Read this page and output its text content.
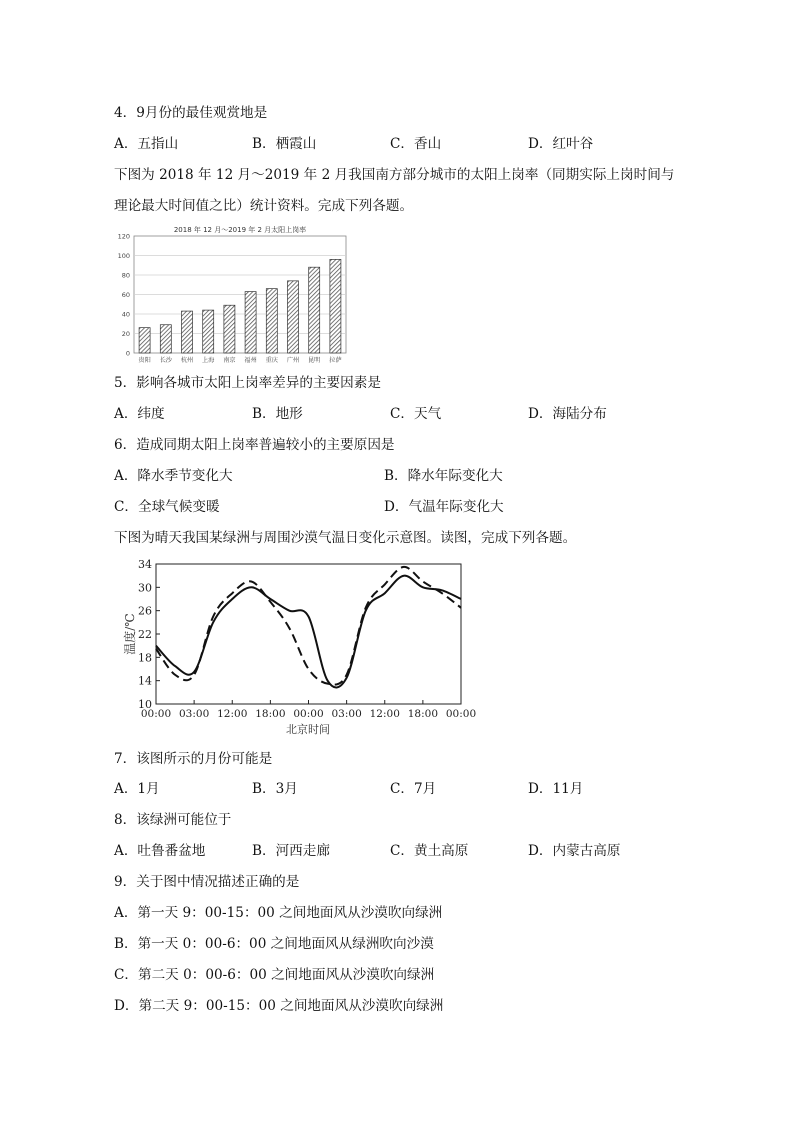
4．9月份的最佳观赏地是
A．五指山	B．栖霞山	C．香山	D．红叶谷
下图为 2018 年 12 月～2019 年 2 月我国南方部分城市的太阳上岗率（同期实际上岗时间与
理论最大时间值之比）统计资料。完成下列各题。
2018 年 12 月～2019 年 2 月太阳上岗率
0
20
40
60
80
100
120
贵阳 长沙 杭州 上海 南京 福州 重庆 广州 昆明 拉萨
5．影响各城市太阳上岗率差异的主要因素是
A．纬度	B．地形	C．天气	D．海陆分布
6．造成同期太阳上岗率普遍较小的主要原因是
A．降水季节变化大	B．降水年际变化大
C．全球气候变暖	D．气温年际变化大
下图为晴天我国某绿洲与周围沙漠气温日变化示意图。读图，完成下列各题。
10
14
18
22
26
30
34
00:00 03:00 12:00 18:00 00:00 03:00 12:00 18:00 00:00
温度/℃
北京时间
7．该图所示的月份可能是
A．1月	B．3月	C．7月	D．11月
8．该绿洲可能位于
A．吐鲁番盆地	B．河西走廊	C．黄土高原	D．内蒙古高原
9．关于图中情况描述正确的是
A．第一天 9：00-15：00 之间地面风从沙漠吹向绿洲
B．第一天 0：00-6：00 之间地面风从绿洲吹向沙漠
C．第二天 0：00-6：00 之间地面风从沙漠吹向绿洲
D．第二天 9：00-15：00 之间地面风从沙漠吹向绿洲
